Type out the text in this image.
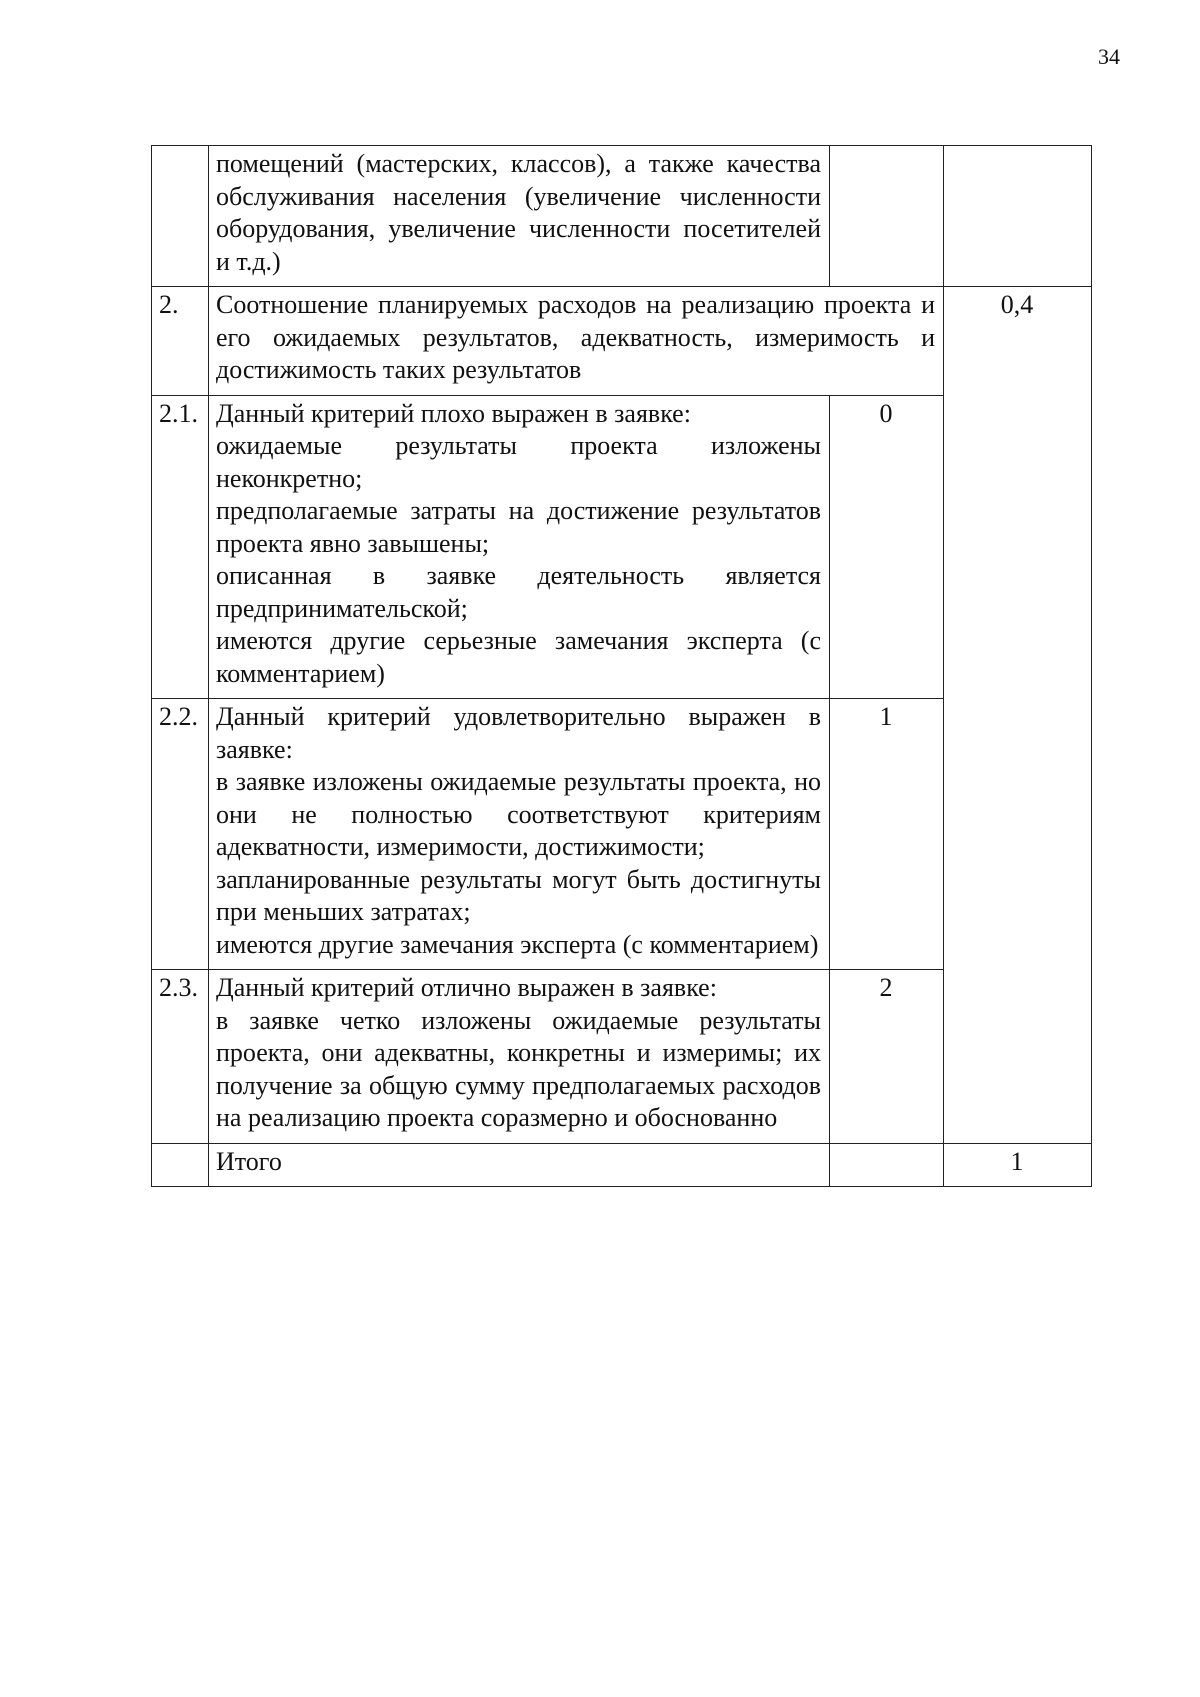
34
	помещений (мастерских, классов), а также качества обслуживания населения (увеличение численности оборудования, увеличение численности посетителей и т.д.)		
2.	Соотношение планируемых расходов на реализацию проекта и его ожидаемых результатов, адекватность, измеримость и достижимость таких результатов		0,4
2.1.	Данный критерий плохо выражен в заявке:
ожидаемые результаты проекта изложены неконкретно;
предполагаемые затраты на достижение результатов проекта явно завышены;
описанная в заявке деятельность является предпринимательской;
имеются другие серьезные замечания эксперта (с комментарием)	0	
2.2.	Данный критерий удовлетворительно выражен в заявке:
в заявке изложены ожидаемые результаты проекта, но они не полностью соответствуют критериям адекватности, измеримости, достижимости;
запланированные результаты могут быть достигнуты при меньших затратах;
имеются другие замечания эксперта (с комментарием)	1	
2.3.	Данный критерий отлично выражен в заявке:
в заявке четко изложены ожидаемые результаты проекта, они адекватны, конкретны и измеримы; их получение за общую сумму предполагаемых расходов на реализацию проекта соразмерно и обоснованно	2	
	Итого		1
